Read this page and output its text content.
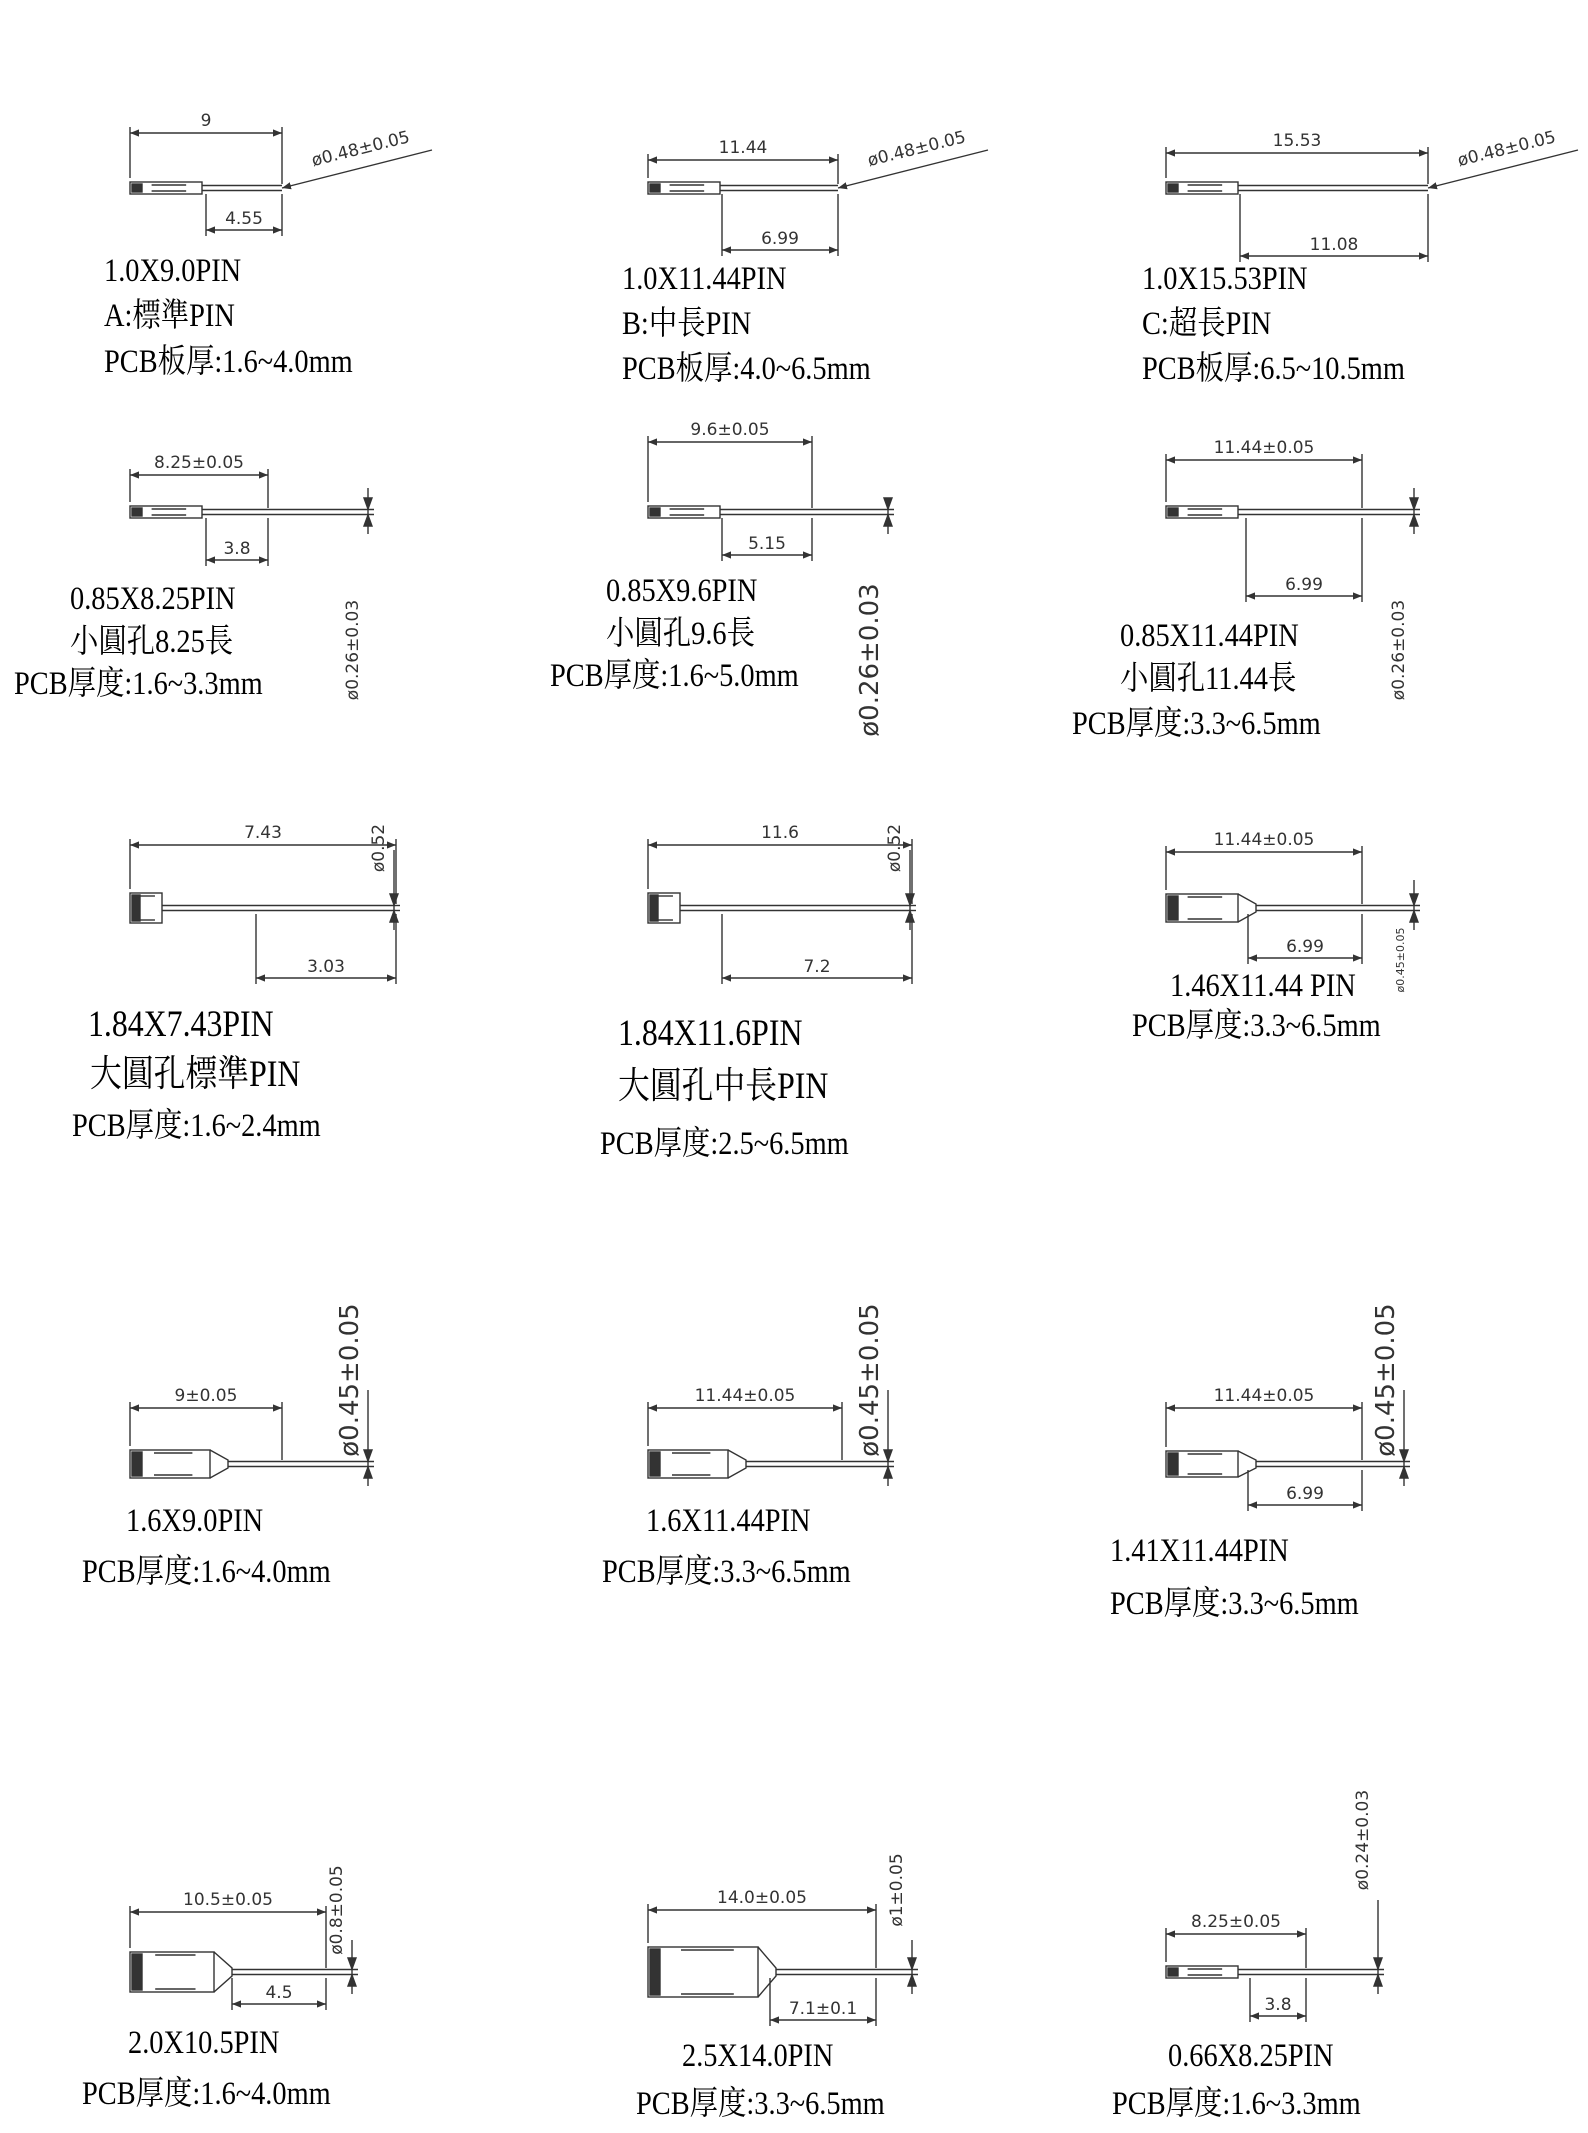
9
4.55
ø0.48±0.05	11.44
6.99
ø0.48±0.05	15.53
11.08
ø0.48±0.05
8.25±0.05
3.8
ø0.26±0.03
9.6±0.05
5.15
ø0.26±0.03
11.44±0.05
6.99
ø0.26±0.03
7.43
3.03
ø0.52	11.6
7.2
ø0.52	11.44±0.05
6.99	ø0.45±0.05
9±0.05	ø0.45±0.05	11.44±0.05 ø0.45±0.05	11.44±0.05
6.99
ø0.45±0.05
10.5±0.05
4.5
ø0.8±0.05	14.0±0.05
7.1±0.1
ø1±0.05	8.25±0.05
3.8
ø0.24±0.03
1.0X9.0PIN
A:標準PIN
PCB板厚:1.6~4.0mm
1.0X11.44PIN
B:中長PIN
PCB板厚:4.0~6.5mm
1.0X15.53PIN
C:超長PIN
PCB板厚:6.5~10.5mm
0.85X8.25PIN
小圓孔8.25長
PCB厚度:1.6~3.3mm
0.85X9.6PIN
小圓孔9.6長
PCB厚度:1.6~5.0mm
0.85X11.44PIN
小圓孔11.44長
PCB厚度:3.3~6.5mm
1.84X7.43PIN
大圓孔標準PIN
PCB厚度:1.6~2.4mm
1.84X11.6PIN
大圓孔中長PIN
PCB厚度:2.5~6.5mm
1.46X11.44 PIN
PCB厚度:3.3~6.5mm
1.6X9.0PIN
PCB厚度:1.6~4.0mm
1.6X11.44PIN
PCB厚度:3.3~6.5mm
1.41X11.44PIN
PCB厚度:3.3~6.5mm
2.0X10.5PIN
PCB厚度:1.6~4.0mm
2.5X14.0PIN
PCB厚度:3.3~6.5mm
0.66X8.25PIN
PCB厚度:1.6~3.3mm
